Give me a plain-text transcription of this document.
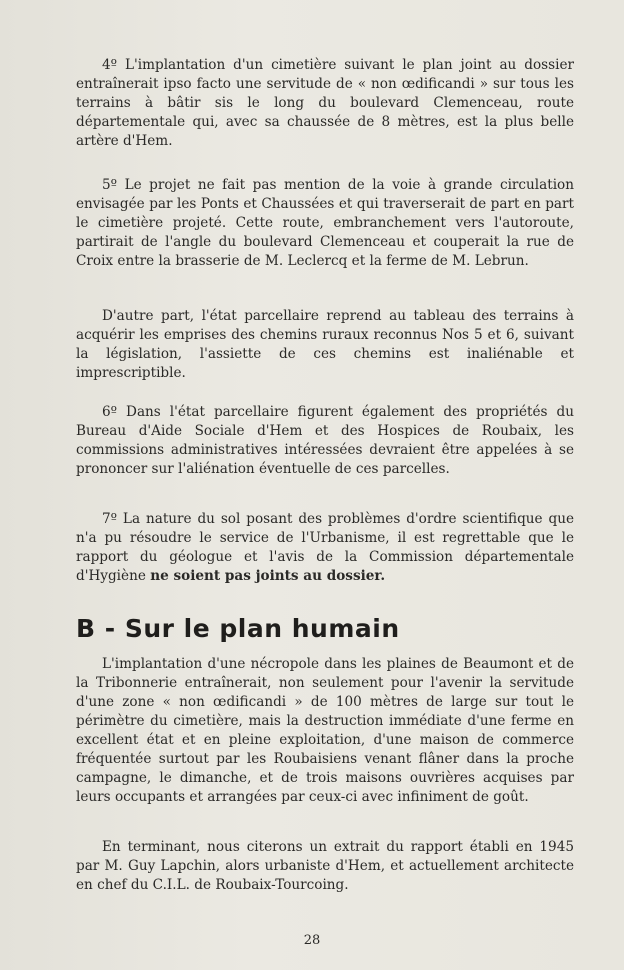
4º L'implantation d'un cimetière suivant le plan joint au dossier entraînerait ipso facto une servitude de « non œdificandi » sur tous les terrains à bâtir sis le long du boulevard Clemenceau, route départementale qui, avec sa chaussée de 8 mètres, est la plus belle artère d'Hem.

5º Le projet ne fait pas mention de la voie à grande circulation envisagée par les Ponts et Chaussées et qui traverserait de part en part le cimetière projeté. Cette route, embranchement vers l'autoroute, partirait de l'angle du boulevard Clemenceau et couperait la rue de Croix entre la brasserie de M. Leclercq et la ferme de M. Lebrun.

D'autre part, l'état parcellaire reprend au tableau des terrains à acquérir les emprises des chemins ruraux reconnus Nos 5 et 6, suivant la législation, l'assiette de ces chemins est inaliénable et imprescriptible.

6º Dans l'état parcellaire figurent également des propriétés du Bureau d'Aide Sociale d'Hem et des Hospices de Roubaix, les commissions administratives intéressées devraient être appelées à se prononcer sur l'aliénation éventuelle de ces parcelles.

7º La nature du sol posant des problèmes d'ordre scientifique que n'a pu résoudre le service de l'Urbanisme, il est regrettable que le rapport du géologue et l'avis de la Commission départementale d'Hygiène ne soient pas joints au dossier.

B - Sur le plan humain

L'implantation d'une nécropole dans les plaines de Beaumont et de la Tribonnerie entraînerait, non seulement pour l'avenir la servitude d'une zone « non œdificandi » de 100 mètres de large sur tout le périmètre du cimetière, mais la destruction immédiate d'une ferme en excellent état et en pleine exploitation, d'une maison de commerce fréquentée surtout par les Roubaisiens venant flâner dans la proche campagne, le dimanche, et de trois maisons ouvrières acquises par leurs occupants et arrangées par ceux-ci avec infiniment de goût.

En terminant, nous citerons un extrait du rapport établi en 1945 par M. Guy Lapchin, alors urbaniste d'Hem, et actuellement architecte en chef du C.I.L. de Roubaix-Tourcoing.

28
